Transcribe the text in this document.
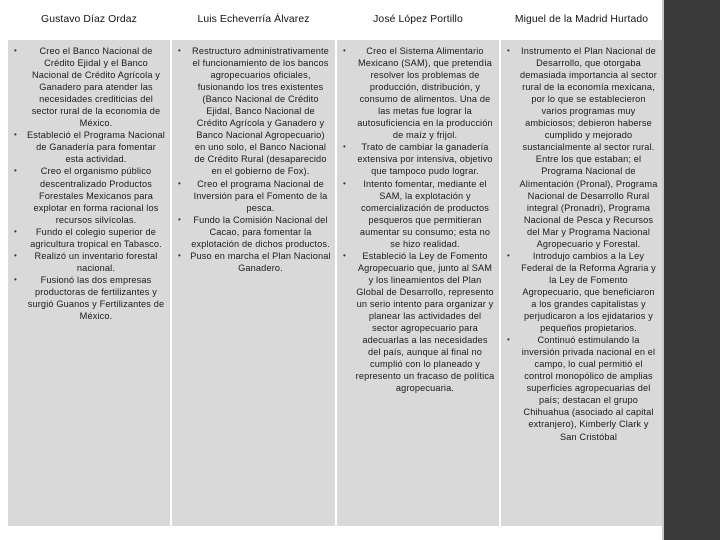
Gustavo Díaz Ordaz
• Creo el Banco Nacional de Crédito Ejidal y el Banco Nacional de Crédito Agrícola y Ganadero para atender las necesidades crediticias del sector rural de la economía de México.
• Estableció el Programa Nacional de Ganadería para fomentar esta actividad.
• Creo el organismo público descentralizado Productos Forestales Mexicanos para explotar en forma racional los recursos silvícolas.
• Fundo el colegio superior de agricultura tropical en Tabasco.
• Realizó un inventario forestal nacional.
• Fusionó las dos empresas productoras de fertilizantes y surgió Guanos y Fertilizantes de México.
Luis Echeverría Álvarez
• Restructuro administrativamente el funcionamiento de los bancos agropecuarios oficiales, fusionando los tres existentes (Banco Nacional de Crédito Ejidal, Banco Nacional de Crédito Agrícola y Ganadero y Banco Nacional Agropecuario) en uno solo, el Banco Nacional de Crédito Rural (desaparecido en el gobierno de Fox).
• Creo el programa Nacional de Inversión para el Fomento de la pesca.
• Fundo la Comisión Nacional del Cacao, para fomentar la explotación de dichos productos.
• Puso en marcha el Plan Nacional Ganadero.
José López Portillo
• Creo el Sistema Alimentario Mexicano (SAM), que pretendía resolver los problemas de producción, distribución, y consumo de alimentos. Una de las metas fue lograr la autosuficiencia en la producción de maíz y frijol.
• Trato de cambiar la ganadería extensiva por intensiva, objetivo que tampoco pudo lograr.
• Intento fomentar, mediante el SAM, la explotación y comercialización de productos pesqueros que permitieran aumentar su consumo; esta no se hizo realidad.
• Estableció la Ley de Fomento Agropecuario que, junto al SAM y los lineamientos del Plan Global de Desarrollo, represento un serio intento para organizar y planear las actividades del sector agropecuario para adecuarlas a las necesidades del país, aunque al final no cumplió con lo planeado y represento un fracaso de política agropecuaria.
Miguel de la Madrid Hurtado
• Instrumento el Plan Nacional de Desarrollo, que otorgaba demasiada importancia al sector rural de la economía mexicana, por lo que se establecieron varios programas muy ambiciosos; debieron haberse cumplido y mejorado sustancialmente al sector rural. Entre los que estaban; el Programa Nacional de Alimentación (Pronal), Programa Nacional de Desarrollo Rural integral (Pronadri), Programa Nacional de Pesca y Recursos del Mar y Programa Nacional Agropecuario y Forestal.
• Introdujo cambios a la Ley Federal de la Reforma Agraria y la Ley de Fomento Agropecuario, que beneficiaron a los grandes capitalistas y perjudicaron a los ejidatarios y pequeños propietarios.
• Continuó estimulando la inversión privada nacional en el campo, lo cual permitió el control monopólico de amplias superficies agropecuarias del país; destacan el grupo Chihuahua (asociado al capital extranjero), Kimberly Clark y San Cristóbal
